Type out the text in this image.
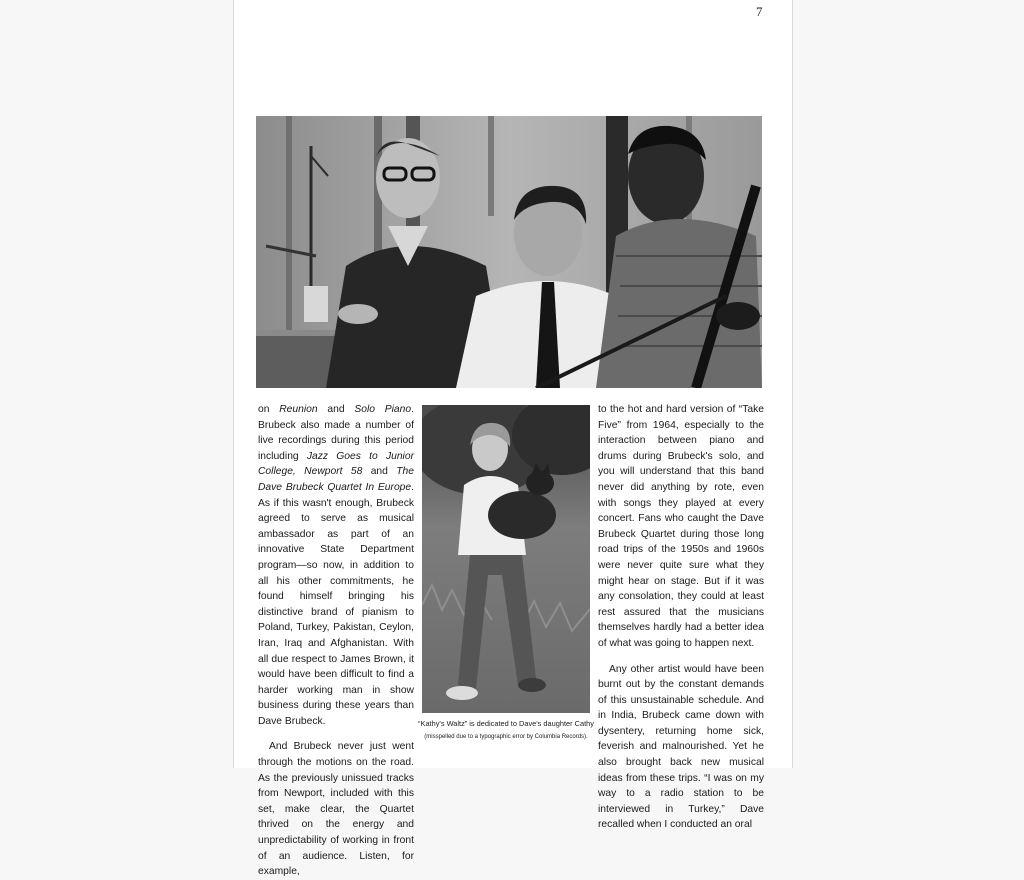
7

on Reunion and Solo Piano. Brubeck also made a number of live recordings during this period including Jazz Goes to Junior College, Newport 58 and The Dave Brubeck Quartet In Europe. As if this wasn't enough, Brubeck agreed to serve as musical ambassador as part of an innovative State Department program—so now, in addition to all his other commitments, he found himself bringing his distinctive brand of pianism to Poland, Turkey, Pakistan, Ceylon, Iran, Iraq and Afghanistan. With all due respect to James Brown, it would have been difficult to find a harder working man in show business during these years than Dave Brubeck.

And Brubeck never just went through the motions on the road. As the previously unissued tracks from Newport, included with this set, make clear, the Quartet thrived on the energy and unpredictability of working in front of an audience. Listen, for example,

“Kathy's Waltz” is dedicated to Dave's daughter Cathy
(misspelled due to a typographic error by Columbia Records).

to the hot and hard version of “Take Five” from 1964, especially to the interaction between piano and drums during Brubeck's solo, and you will understand that this band never did anything by rote, even with songs they played at every concert. Fans who caught the Dave Brubeck Quartet during those long road trips of the 1950s and 1960s were never quite sure what they might hear on stage. But if it was any consolation, they could at least rest assured that the musicians themselves hardly had a better idea of what was going to happen next.

Any other artist would have been burnt out by the constant demands of this unsustainable schedule. And in India, Brubeck came down with dysentery, returning home sick, feverish and malnourished. Yet he also brought back new musical ideas from these trips. “I was on my way to a radio station to be interviewed in Turkey,” Dave recalled when I conducted an oral
